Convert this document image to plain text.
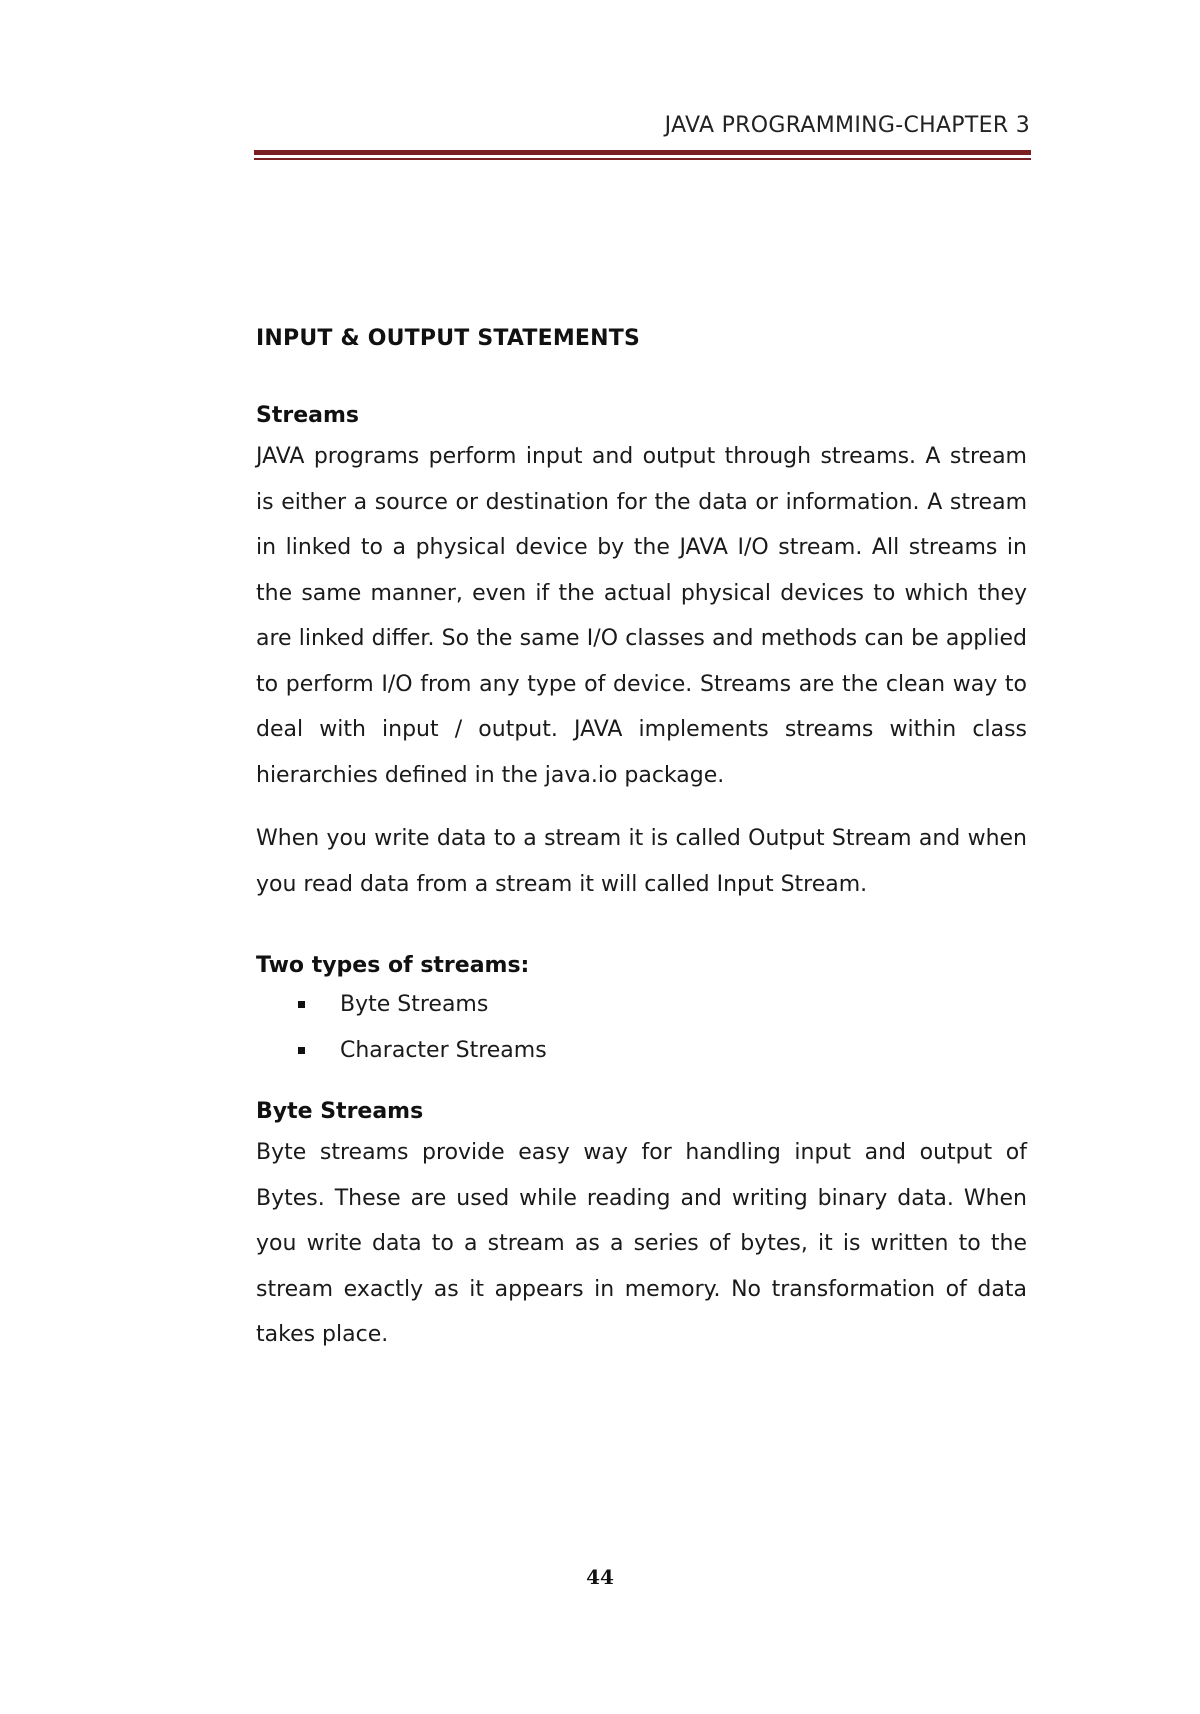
JAVA PROGRAMMING-CHAPTER 3
INPUT & OUTPUT STATEMENTS
Streams

JAVA programs perform input and output through streams. A stream is either a source or destination for the data or information. A stream in linked to a physical device by the JAVA I/O stream. All streams in the same manner, even if the actual physical devices to which they are linked differ. So the same I/O classes and methods can be applied to perform I/O from any type of device. Streams are the clean way to deal with input / output. JAVA implements streams within class hierarchies defined in the java.io package.

When you write data to a stream it is called Output Stream and when you read data from a stream it will called Input Stream.

Two types of streams:
Byte Streams
Character Streams
Byte Streams

Byte streams provide easy way for handling input and output of Bytes. These are used while reading and writing binary data. When you write data to a stream as a series of bytes, it is written to the stream exactly as it appears in memory. No transformation of data takes place.

44
